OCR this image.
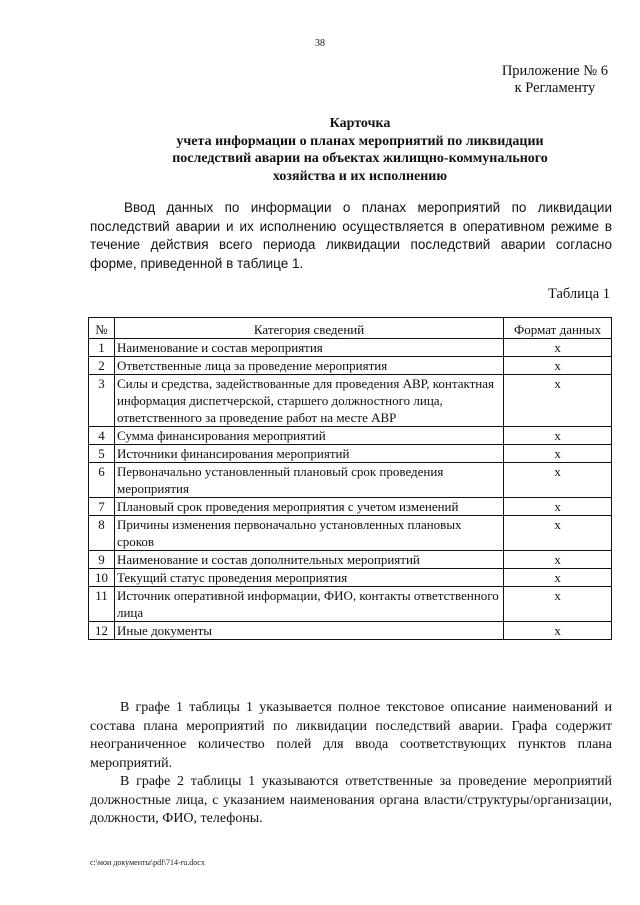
38
Приложение № 6
к Регламенту
Карточка
учета информации о планах мероприятий по ликвидации
последствий аварии на объектах жилищно-коммунального
хозяйства и их исполнению

Ввод данных по информации о планах мероприятий по ликвидации последствий аварии и их исполнению осуществляется в оперативном режиме в течение действия всего периода ликвидации последствий аварии согласно форме, приведенной в таблице 1.

Таблица 1
№	Категория сведений	Формат данных
1	Наименование и состав мероприятия	х
2	Ответственные лица за проведение мероприятия	х
3	Силы и средства, задействованные для проведения АВР, контактная информация диспетчерской, старшего должностного лица, ответственного за проведение работ на месте АВР	х
4	Сумма финансирования мероприятий	х
5	Источники финансирования мероприятий	х
6	Первоначально установленный плановый срок проведения мероприятия	х
7	Плановый срок проведения мероприятия с учетом изменений	х
8	Причины изменения первоначально установленных плановых сроков	х
9	Наименование и состав дополнительных мероприятий	х
10	Текущий статус проведения мероприятия	х
11	Источник оперативной информации, ФИО, контакты ответственного лица	х
12	Иные документы	х

В графе 1 таблицы 1 указывается полное текстовое описание наименований и состава плана мероприятий по ликвидации последствий аварии. Графа содержит неограниченное количество полей для ввода соответствующих пунктов плана мероприятий.

В графе 2 таблицы 1 указываются ответственные за проведение мероприятий должностные лица, с указанием наименования органа власти/структуры/организации, должности, ФИО, телефоны.

c:\мои документы\pdf\714-ru.docx
